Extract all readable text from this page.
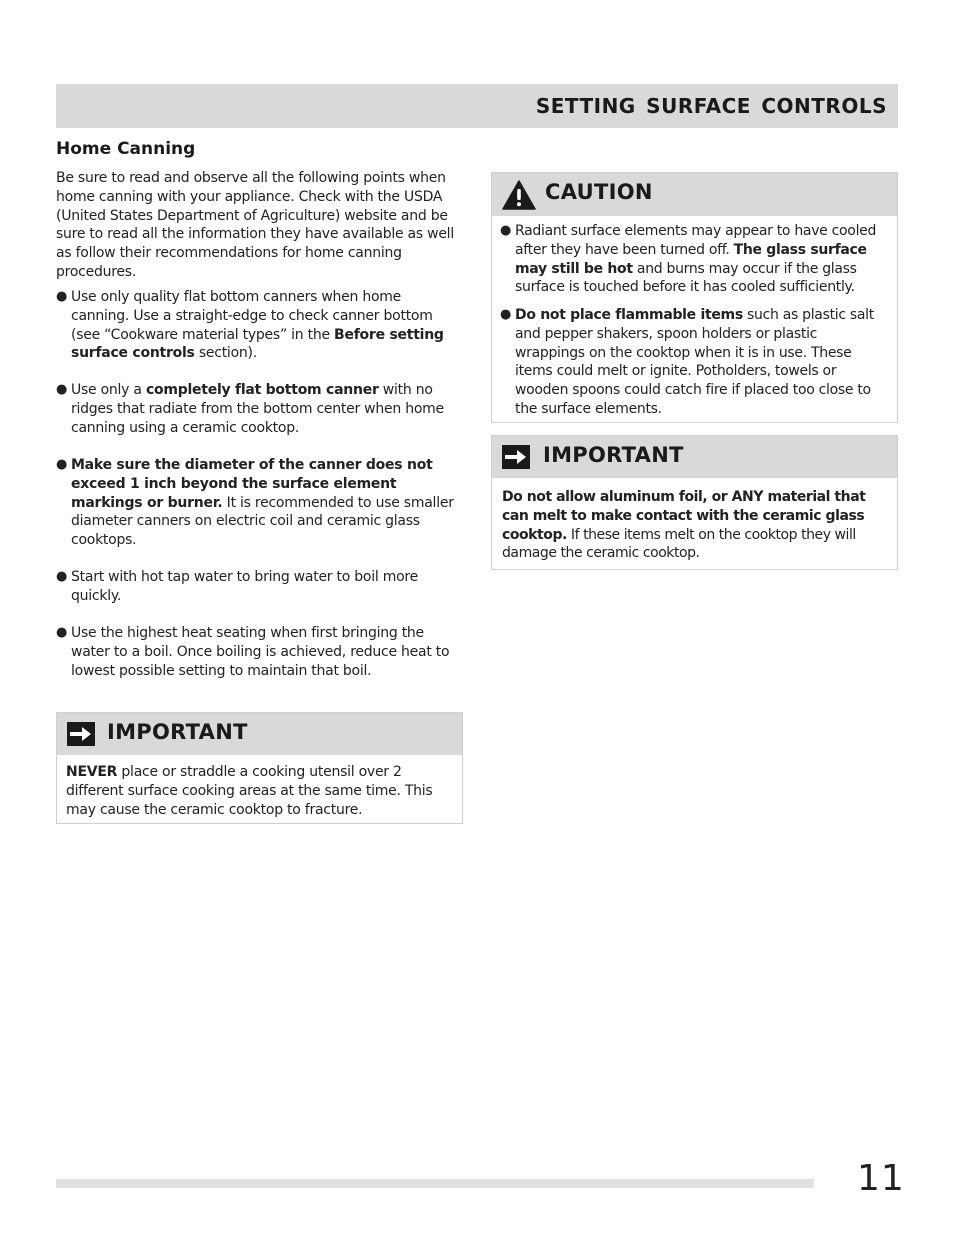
SETTING SURFACE CONTROLS
Home Canning

Be sure to read and observe all the following points when home canning with your appliance. Check with the USDA (United States Department of Agriculture) website and be sure to read all the information they have available as well as follow their recommendations for home canning procedures.

● Use only quality flat bottom canners when home canning. Use a straight-edge to check canner bottom (see “Cookware material types” in the Before setting surface controls section).
● Use only a completely flat bottom canner with no ridges that radiate from the bottom center when home canning using a ceramic cooktop.
● Make sure the diameter of the canner does not exceed 1 inch beyond the surface element markings or burner. It is recommended to use smaller diameter canners on electric coil and ceramic glass cooktops.
● Start with hot tap water to bring water to boil more quickly.
● Use the highest heat seating when first bringing the water to a boil. Once boiling is achieved, reduce heat to lowest possible setting to maintain that boil.
IMPORTANT
NEVER place or straddle a cooking utensil over 2 different surface cooking areas at the same time. This may cause the ceramic cooktop to fracture.
CAUTION
● Radiant surface elements may appear to have cooled after they have been turned off. The glass surface may still be hot and burns may occur if the glass surface is touched before it has cooled sufficiently.
● Do not place flammable items such as plastic salt and pepper shakers, spoon holders or plastic wrappings on the cooktop when it is in use. These items could melt or ignite. Potholders, towels or wooden spoons could catch fire if placed too close to the surface elements.
IMPORTANT
Do not allow aluminum foil, or ANY material that can melt to make contact with the ceramic glass cooktop. If these items melt on the cooktop they will damage the ceramic cooktop.
11
